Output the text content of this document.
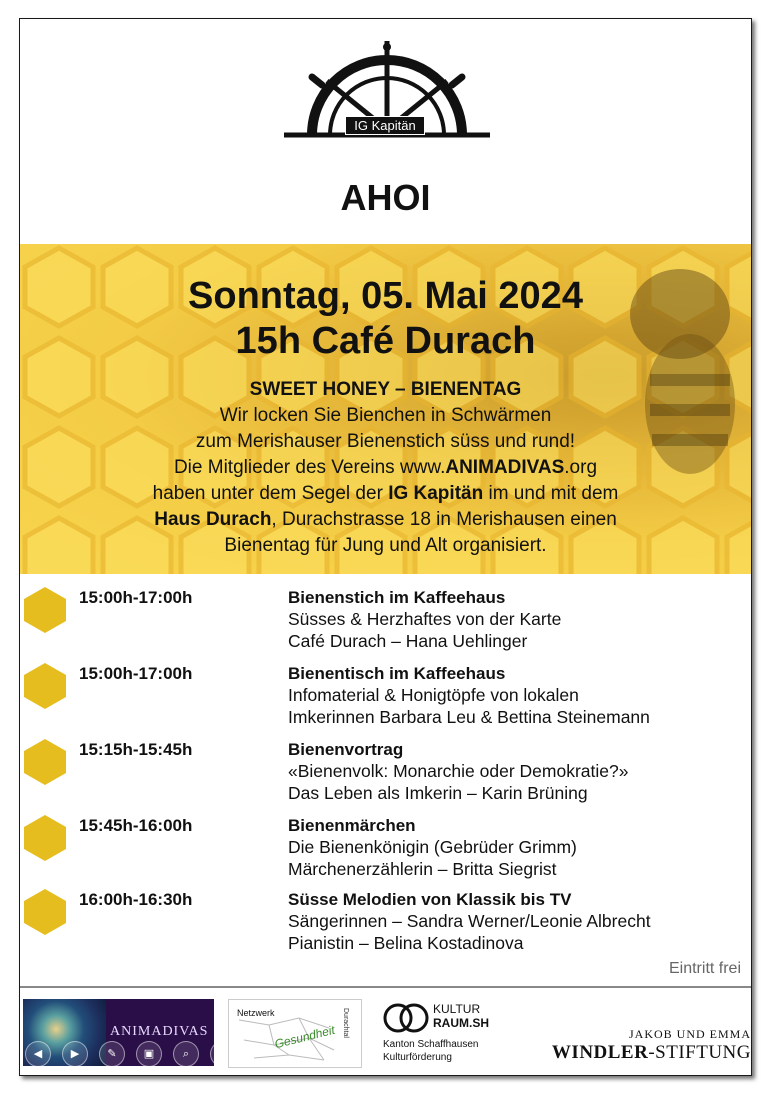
IG Kapitän
AHOI
Sonntag, 05. Mai 2024
15h Café Durach
SWEET HONEY – BIENENTAG
Wir locken Sie Bienchen in Schwärmen
zum Merishauser Bienenstich süss und rund!
Die Mitglieder des Vereins www.ANIMADIVAS.org
haben unter dem Segel der IG Kapitän im und mit dem
Haus Durach, Durachstrasse 18 in Merishausen einen
Bienentag für Jung und Alt organisiert.
15:00h-17:00h	Bienenstich im Kaffeehaus
Süsses & Herzhaftes von der Karte
Café Durach – Hana Uehlinger
15:00h-17:00h	Bienentisch im Kaffeehaus
Infomaterial & Honigtöpfe von lokalen
Imkerinnen Barbara Leu & Bettina Steinemann
15:15h-15:45h	Bienenvortrag
«Bienenvolk: Monarchie oder Demokratie?»
Das Leben als Imkerin – Karin Brüning
15:45h-16:00h	Bienenmärchen
Die Bienenkönigin (Gebrüder Grimm)
Märchenerzählerin – Britta Siegrist
16:00h-16:30h	Süsse Melodien von Klassik bis TV
Sängerinnen – Sandra Werner/Leonie Albrecht
Pianistin – Belina Kostadinova
Eintritt frei
ANIMADIVAS
◀	▶	✎ ▣	⌕	⋯
Netzwerk
Gesundheit Durachtal	KULTUR
RAUM.SH
Kanton Schaffhausen
Kulturförderung
JAKOB UND EMMA
WINDLER-STIFTUNG
